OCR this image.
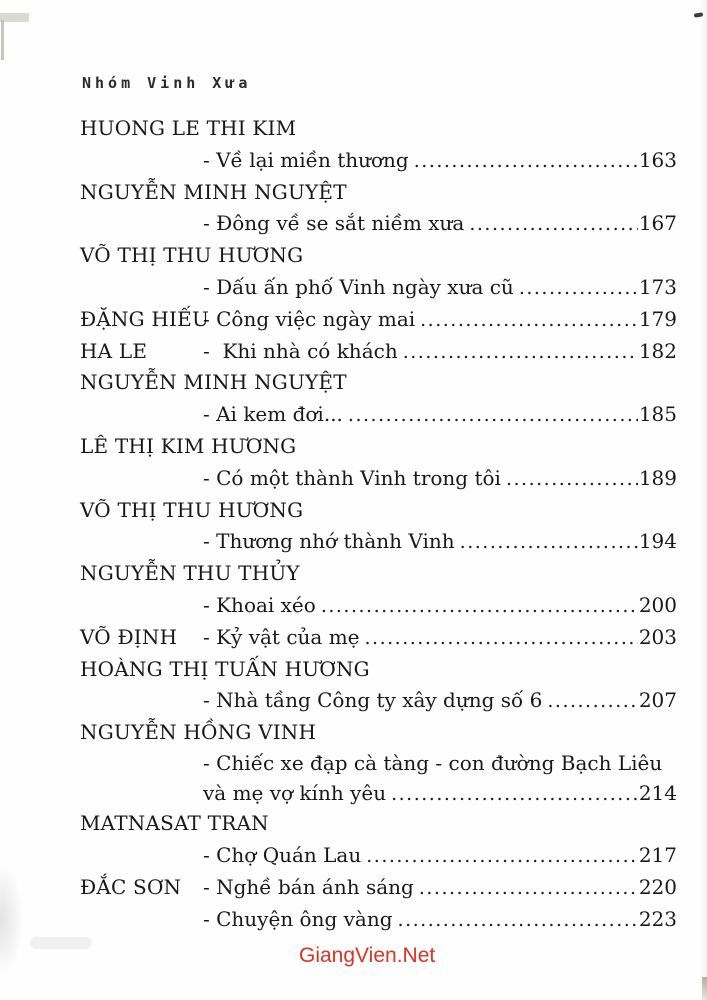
Nhóm Vinh Xưa
HUONG LE THI KIM
- Về lại miền thương .....	163
NGUYỄN MINH NGUYỆT
- Đông về se sắt niềm xưa .....	167
VÕ THỊ THU HƯƠNG
- Dấu ấn phố Vinh ngày xưa cũ .....	173
ĐẶNG HIẾU
- Công việc ngày mai .....	179
HA LE	-  Khi nhà có khách .....	182
NGUYỄN MINH NGUYỆT
- Ai kem đơi... .....	185
LÊ THỊ KIM HƯƠNG
- Có một thành Vinh trong tôi .....	189
VÕ THỊ THU HƯƠNG
- Thương nhớ thành Vinh .....	194
NGUYỄN THU THỦY
- Khoai xéo .....	200
VÕ ĐỊNH	- Kỷ vật của mẹ .....	203
HOÀNG THỊ TUẤN HƯƠNG
- Nhà tầng Công ty xây dựng số 6 .....	207
NGUYỄN HỒNG VINH
- Chiếc xe đạp cà tàng - con đường Bạch Liêu
và mẹ vợ kính yêu .....	214
MATNASAT TRAN
- Chợ Quán Lau .....	217
ĐẮC SƠN	- Nghề bán ánh sáng .....	220
- Chuyện ông vàng .....	223
GiangVien.Net
